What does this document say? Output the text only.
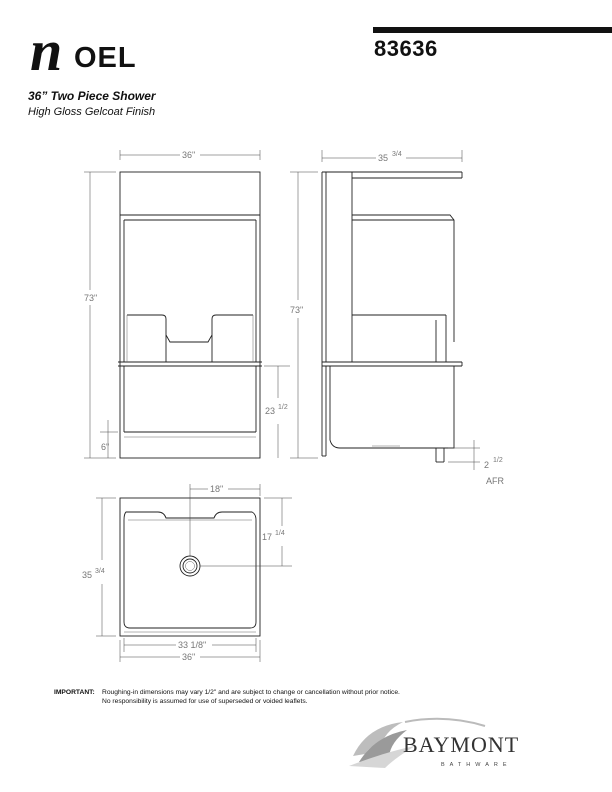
n OEL	83636
36” Two Piece Shower
High Gloss Gelcoat Finish
36"
73"
23 1/2
6"
35 3/4
73"
2 1/2
AFR
18"
17 1/4
35 3/4
33 1/8"
36"
IMPORTANT: Roughing-in dimensions may vary 1/2" and are subject to change or cancellation without prior notice.
No responsibility is assumed for use of superseded or voided leaflets.
BAYMONT
BATHWARE
